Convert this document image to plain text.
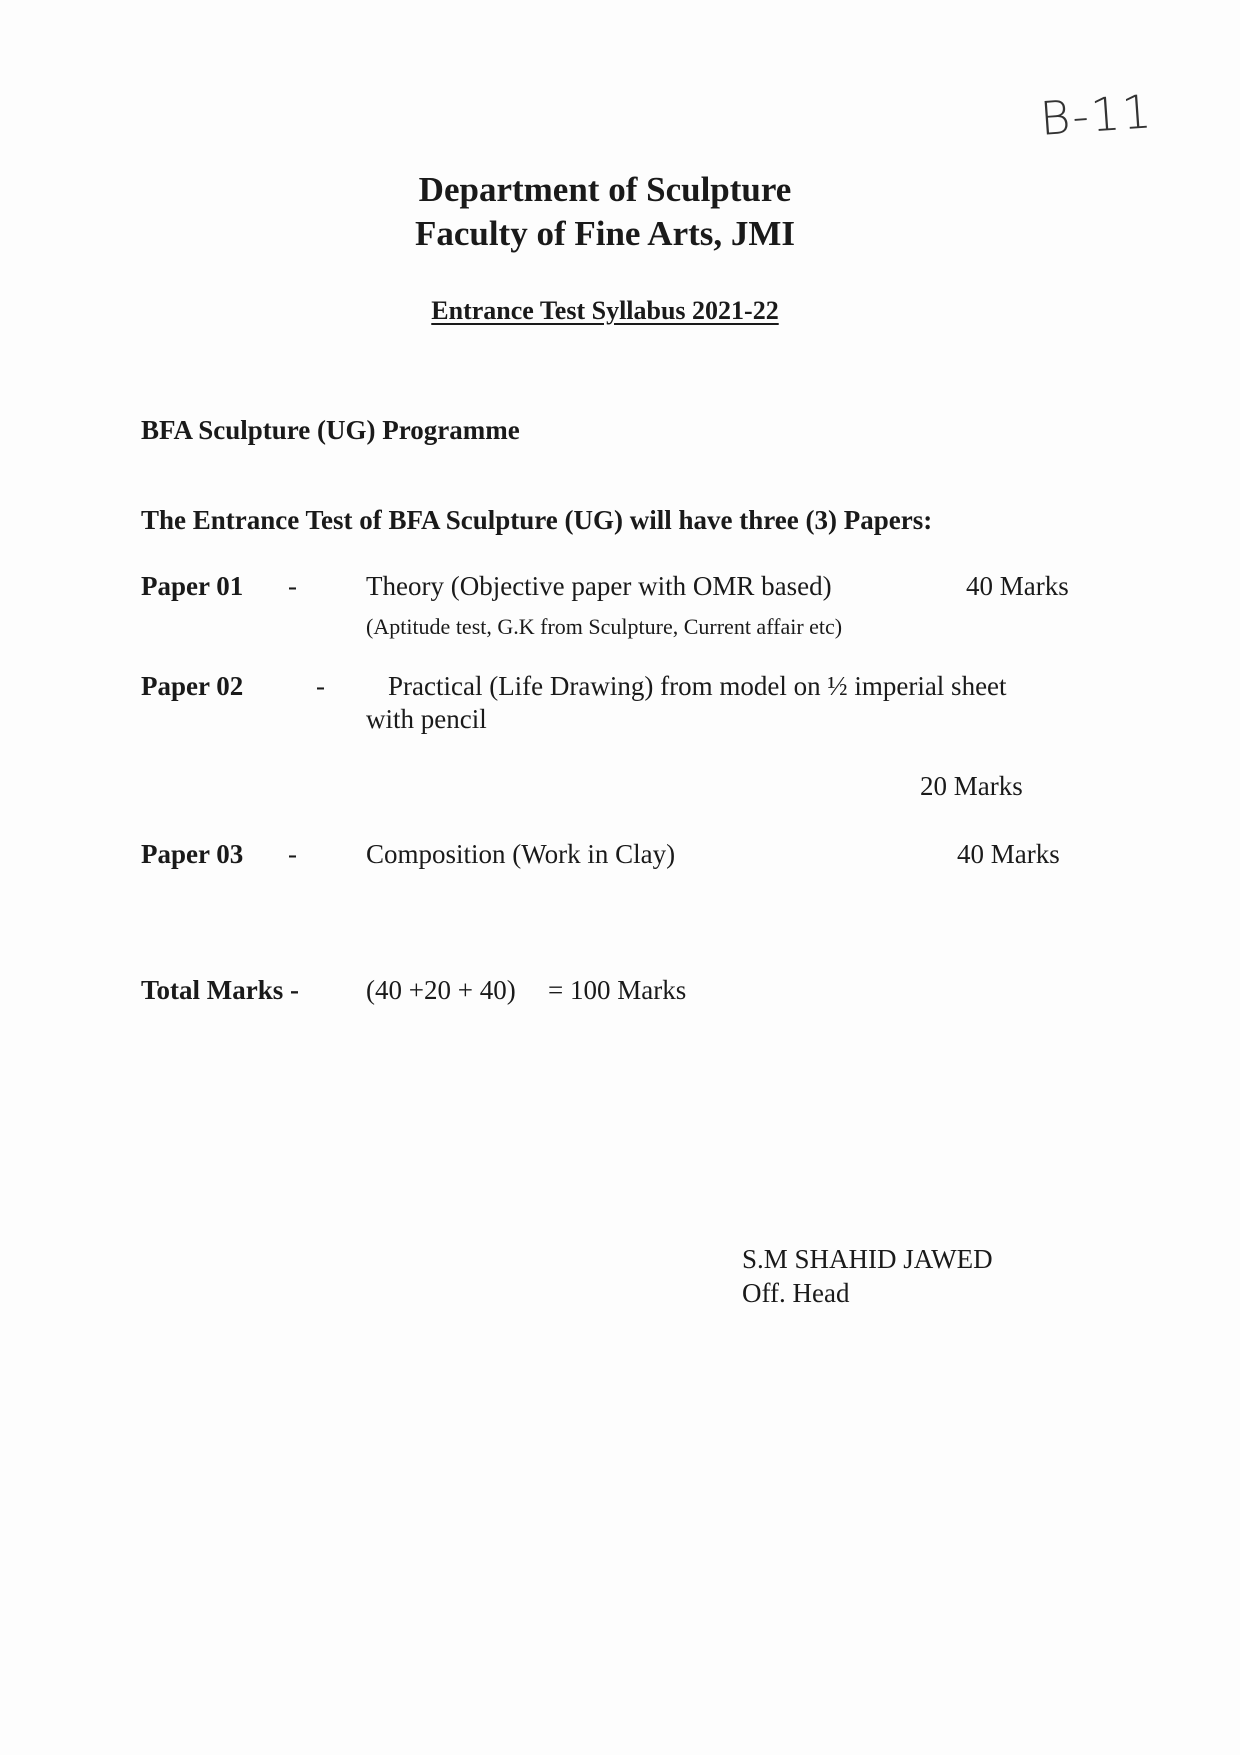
B-11
Department of Sculpture
Faculty of Fine Arts, JMI
Entrance Test Syllabus 2021-22
BFA Sculpture (UG) Programme
The Entrance Test of BFA Sculpture (UG) will have three (3) Papers:
Paper 01 -	Theory (Objective paper with OMR based)	40 Marks
(Aptitude test, G.K from Sculpture, Current affair etc)
Paper 02	- Practical (Life Drawing) from model on ½ imperial sheet
with pencil
20 Marks
Paper 03 -	Composition (Work in Clay)	40 Marks
Total Marks - (40 +20 + 40) = 100 Marks
S.M SHAHID JAWED
Off. Head
